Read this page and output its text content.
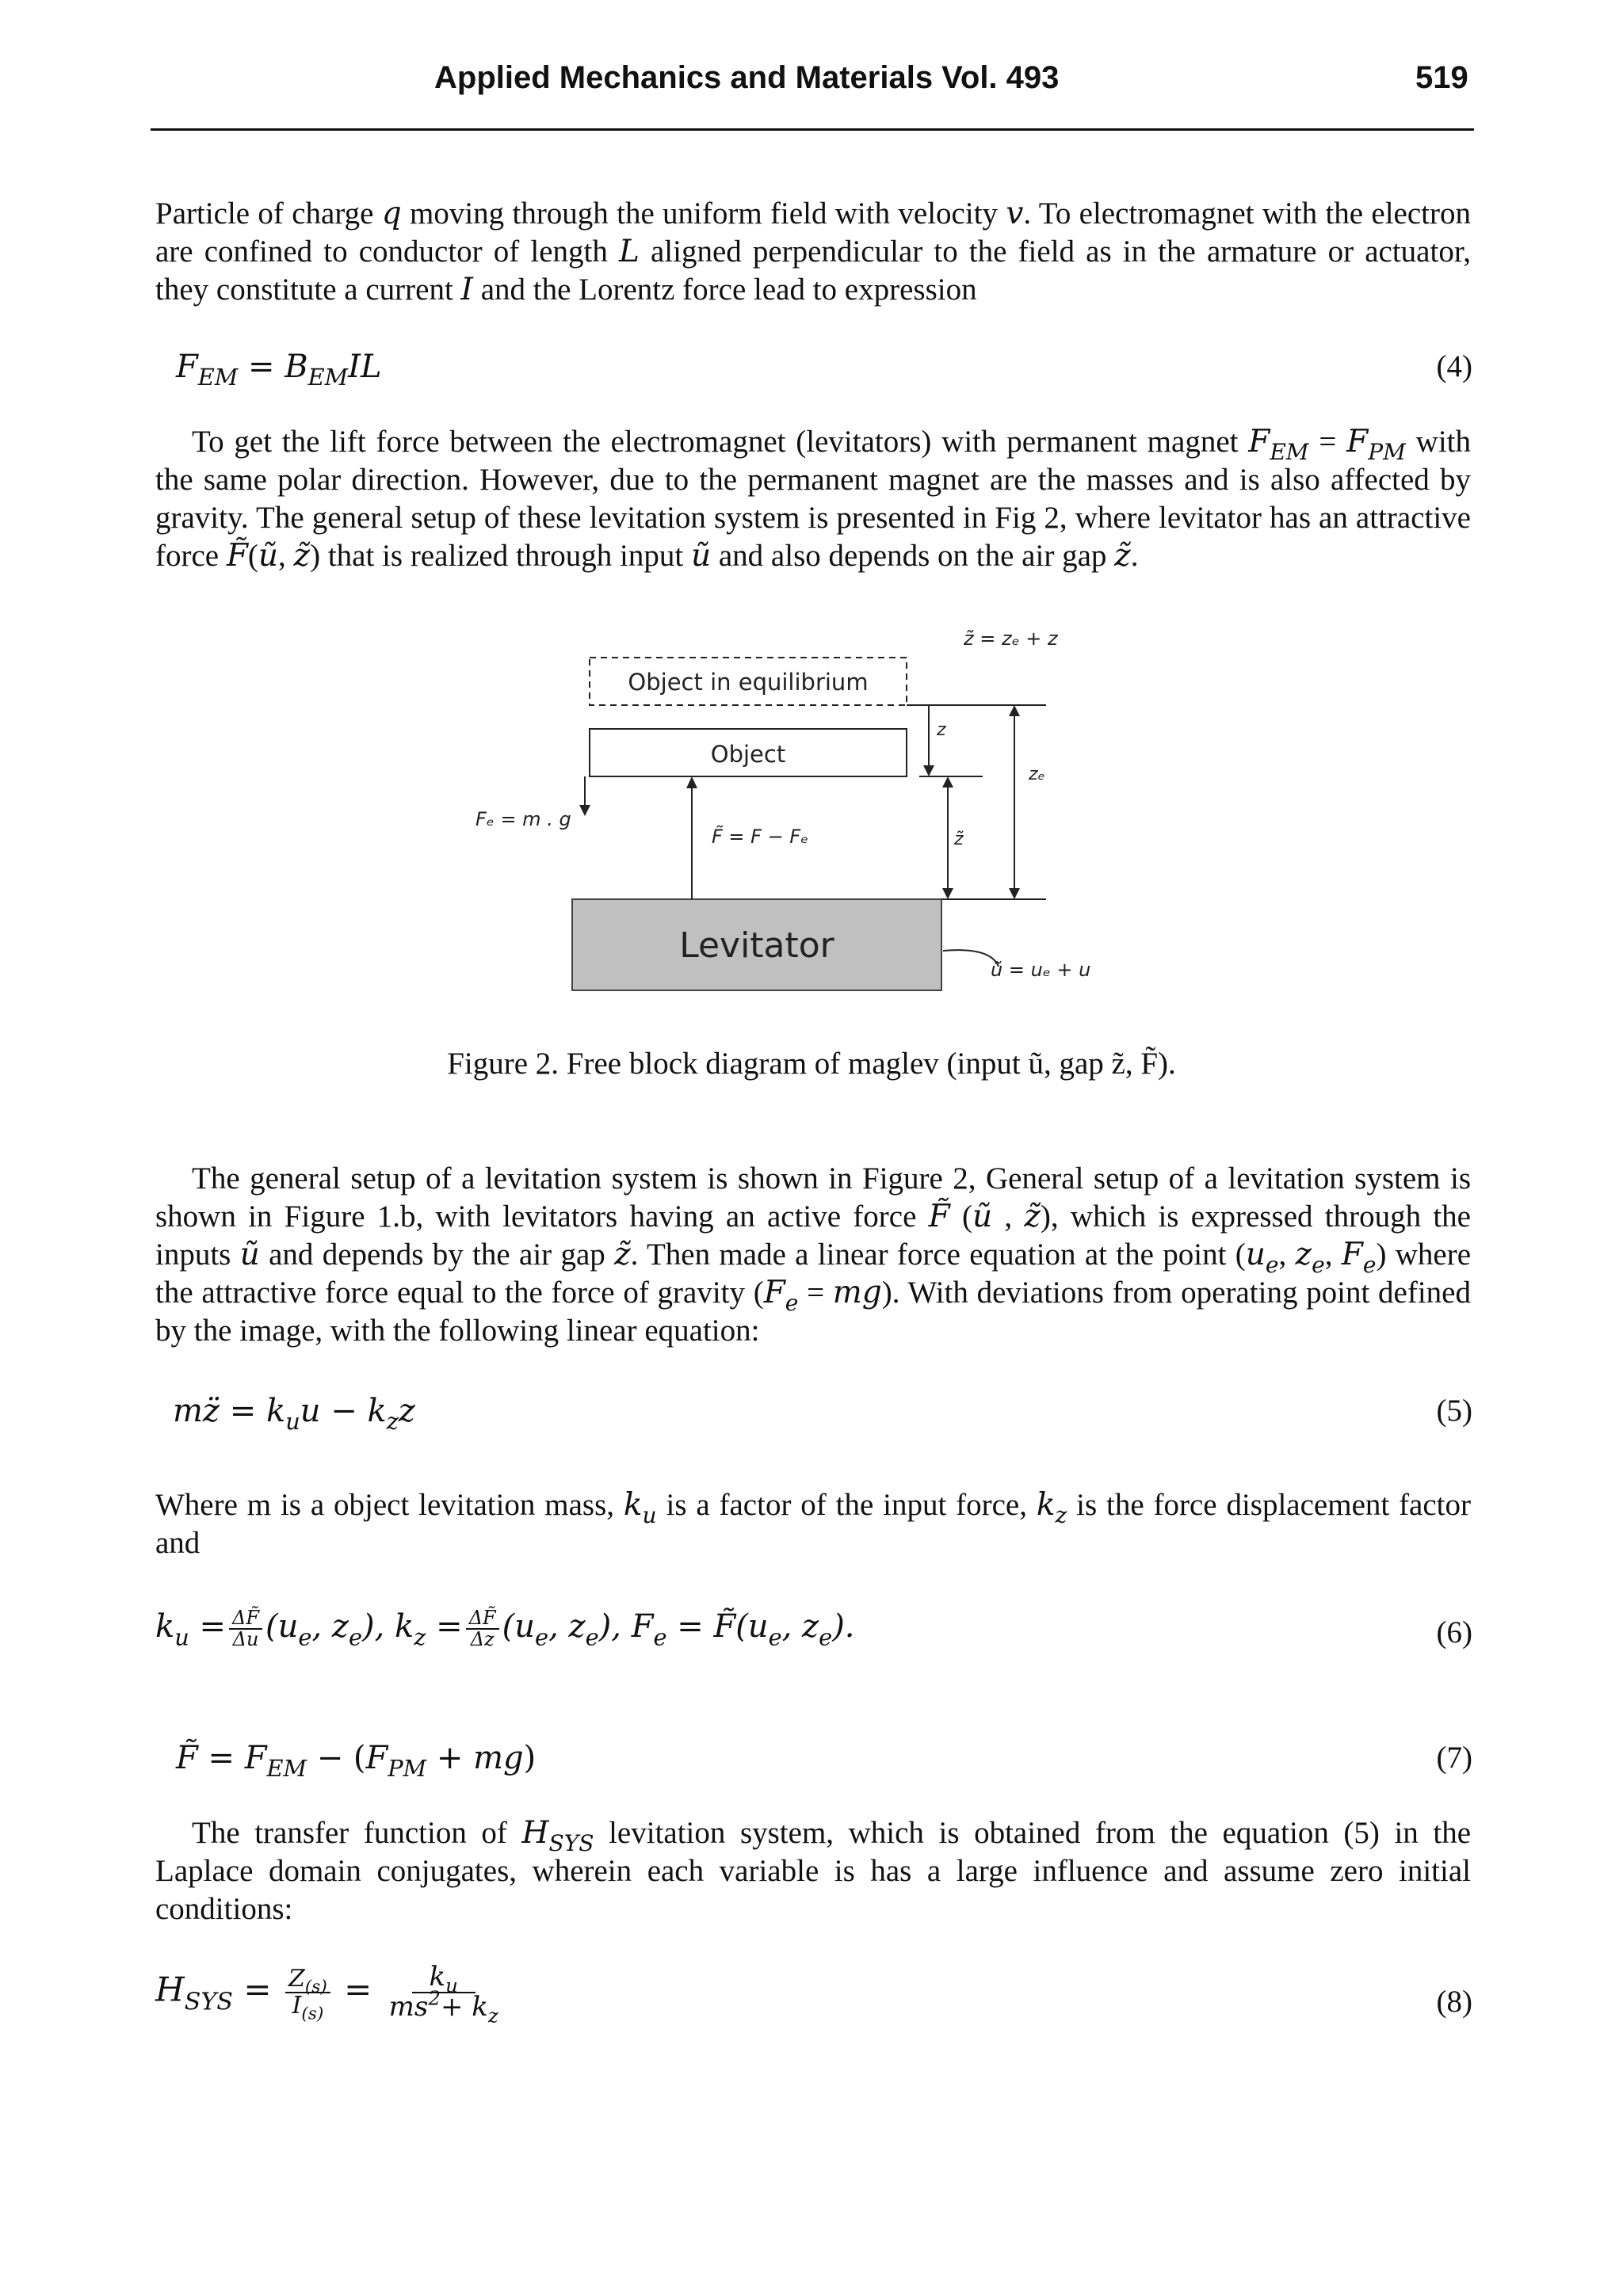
Applied Mechanics and Materials Vol. 493	519

Particle of charge q moving through the uniform field with velocity v. To electromagnet with the electron are confined to conductor of length L aligned perpendicular to the field as in the armature or actuator, they constitute a current I and the Lorentz force lead to expression

$F_{EM} = B_{EM}IL$	(4)

To get the lift force between the electromagnet (levitators) with permanent magnet $F_{EM} = F_{PM}$ with the same polar direction. However, due to the permanent magnet are the masses and is also affected by gravity. The general setup of these levitation system is presented in Fig 2, where levitator has an attractive force F̃(ũ, z̃) that is realized through input ũ and also depends on the air gap z̃.

Object in equilibrium
Object
Levitator
Fₑ = m . g
F̃ = F − Fₑ
z
z̃
zₑ
z̃ = zₑ + z
ũ = uₑ + u
Figure 2. Free block diagram of maglev (input ũ, gap z̃, F̃).

The general setup of a levitation system is shown in Figure 2, General setup of a levitation system is shown in Figure 1.b, with levitators having an active force F̃ (ũ , z̃), which is expressed through the inputs ũ and depends by the air gap z̃. Then made a linear force equation at the point ($u_e$, $z_e$, $F_e$) where the attractive force equal to the force of gravity $(F_e = mg)$. With deviations from operating point defined by the image, with the following linear equation:

mz̈ = $k_uu - k_zz$	(5)

Where m is a object levitation mass, $k_u$ is a factor of the input force, $k_z$ is the force displacement factor and

$k_u = \frac{\Delta F̃}{\Delta u} (u_e$, $z_e$), $k_z = \frac{\Delta F̃}{\Delta z} (u_e$, $z_e$), $F_e$ = $F̃(u_e$, $z_e$).	(6)
F̃ = $F_{EM} - (F_{PM} + mg)$	(7)

The transfer function of $H_{SYS}$ levitation system, which is obtained from the equation (5) in the Laplace domain conjugates, wherein each variable is has a large influence and assume zero initial conditions:

$H_{SYS} = \frac{Z_{(s)}}{I_{(s)}} = \frac{k_u}{ms^2+ k_z}$	(8)
